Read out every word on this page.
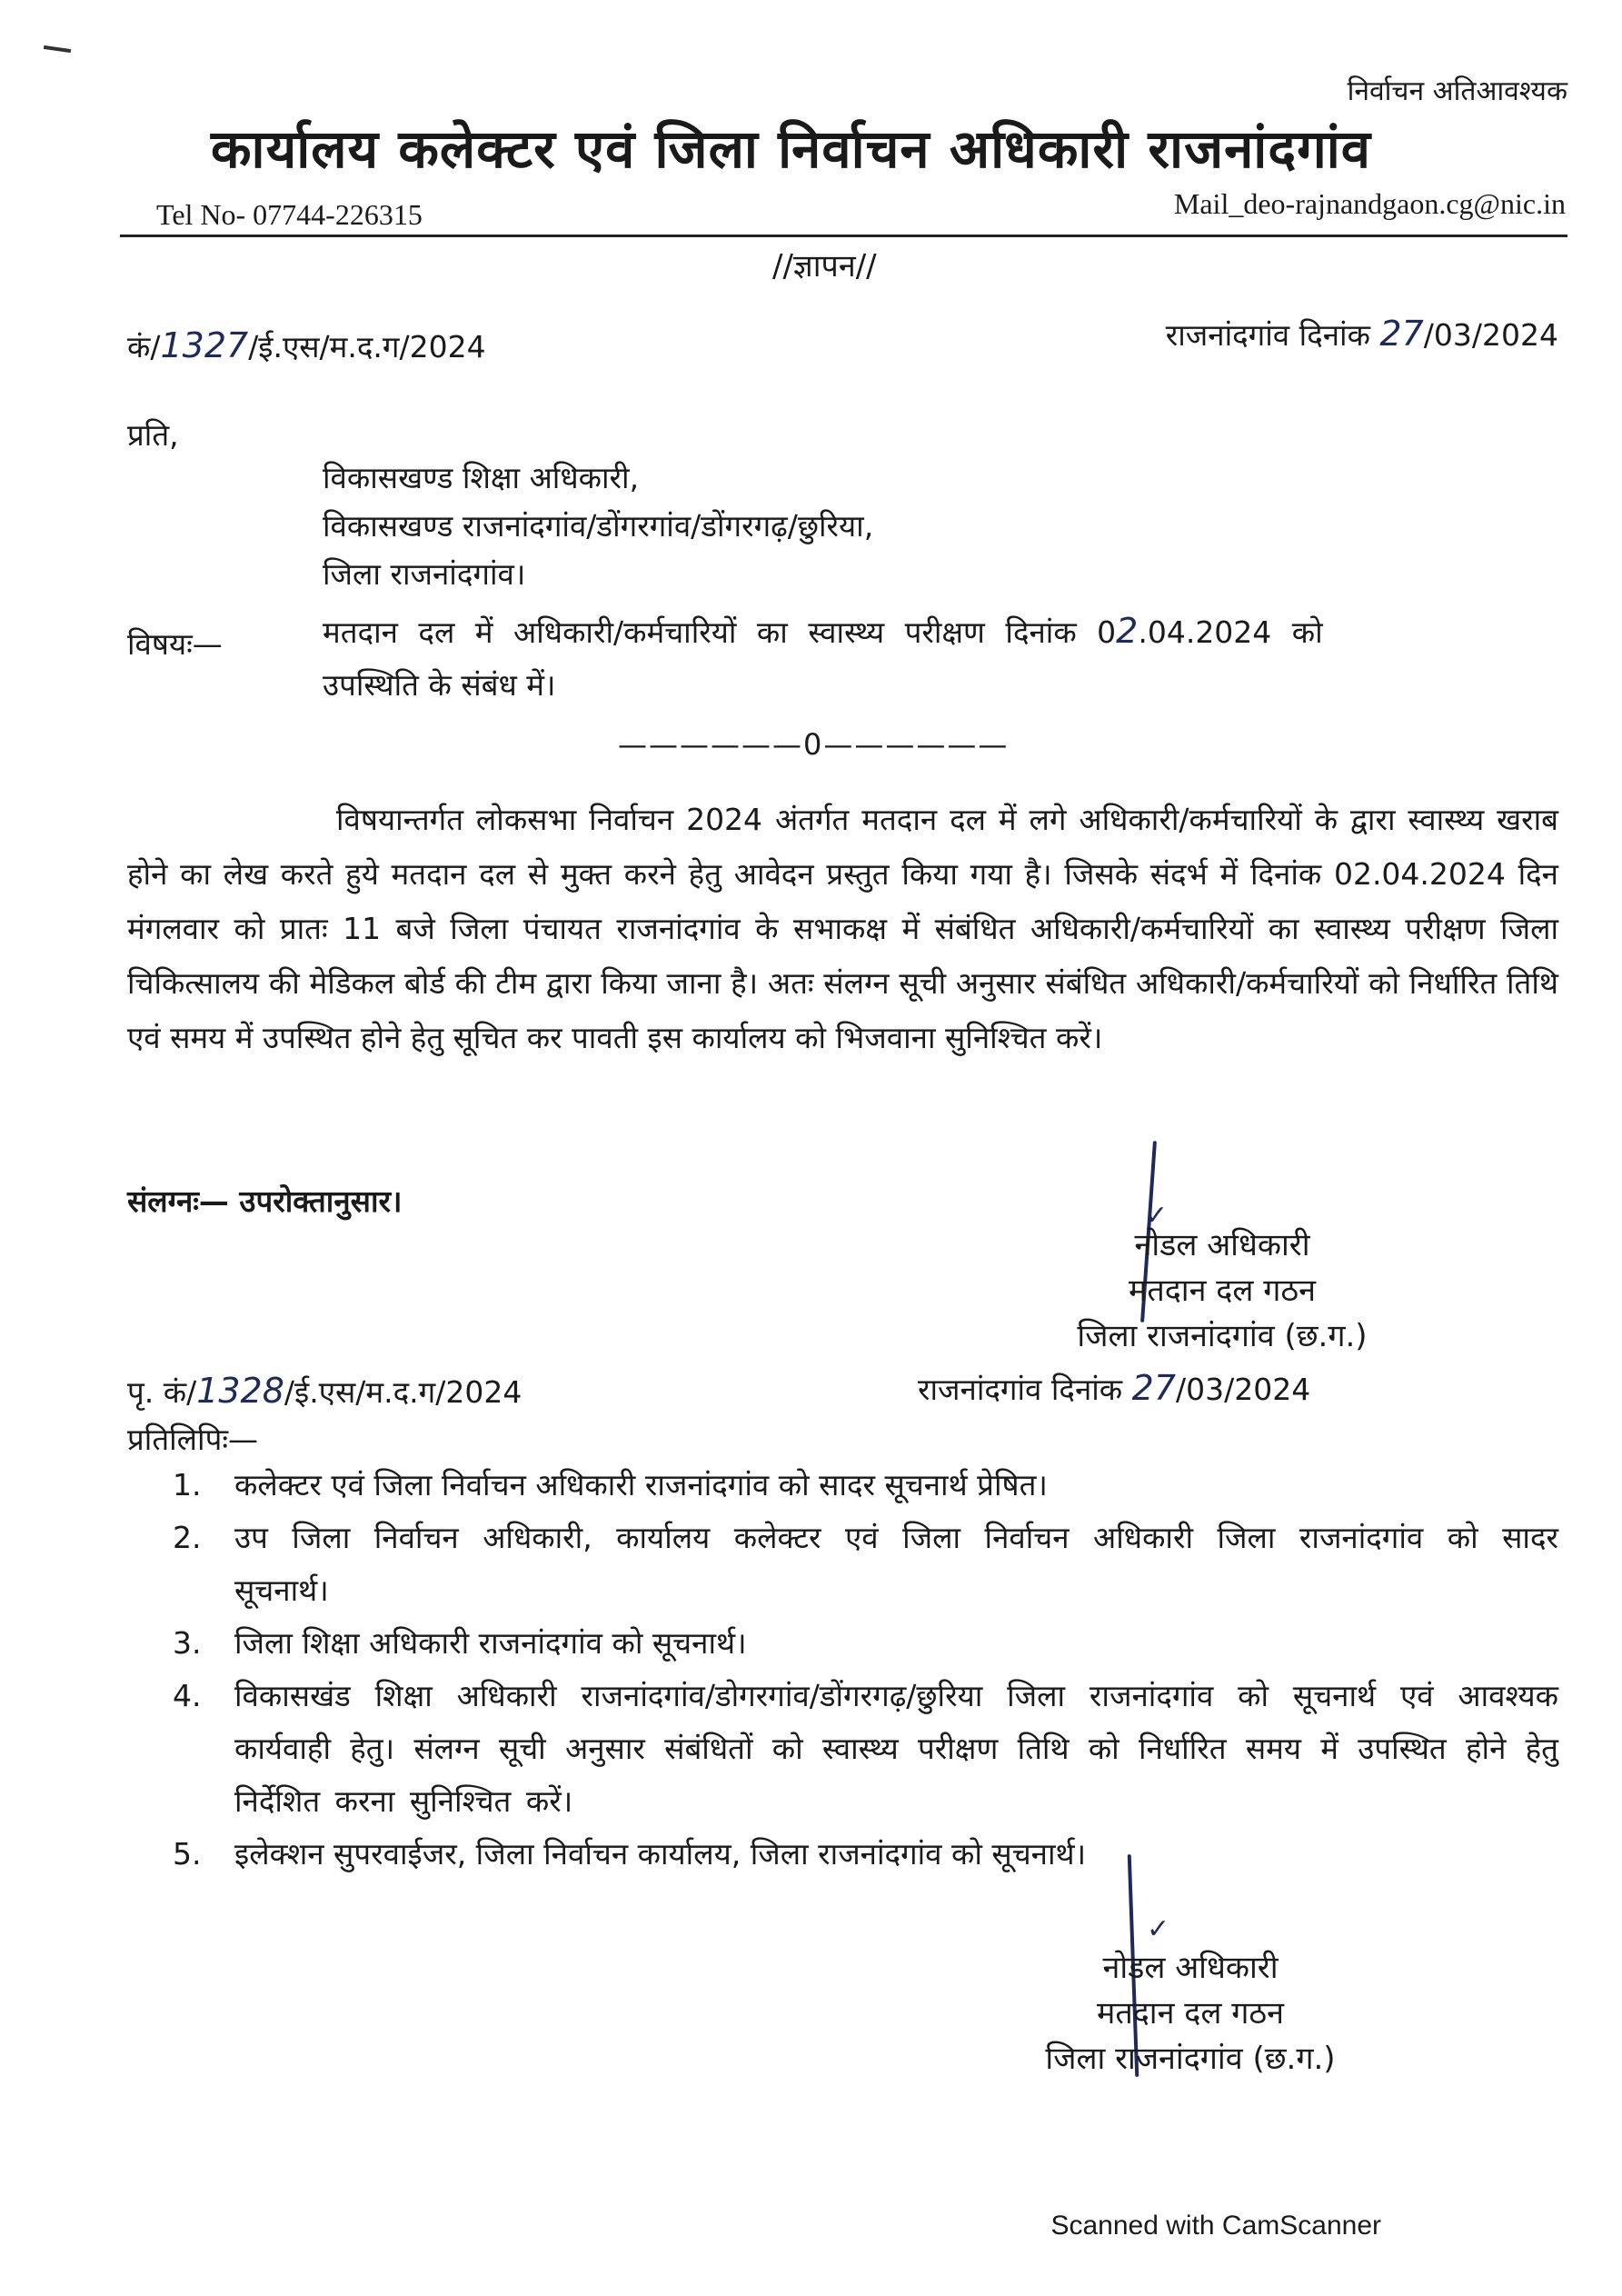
निर्वाचन अतिआवश्यक
कार्यालय कलेक्टर एवं जिला निर्वाचन अधिकारी राजनांदगांव
Tel No- 07744-226315	Mail_deo-rajnandgaon.cg@nic.in
//ज्ञापन//
कं/1327/ई.एस/म.द.ग/2024	राजनांदगांव दिनांक 27/03/2024
प्रति,
विकासखण्ड शिक्षा अधिकारी,
विकासखण्ड राजनांदगांव/डोंगरगांव/डोंगरगढ़/छुरिया,
जिला राजनांदगांव।
विषयः—	मतदान दल में अधिकारी/कर्मचारियों का स्वास्थ्य परीक्षण दिनांक 02.04.2024 को
उपस्थिति के संबंध में।
——————0——————

विषयान्तर्गत लोकसभा निर्वाचन 2024 अंतर्गत मतदान दल में लगे अधिकारी/कर्मचारियों के द्वारा स्वास्थ्य खराब होने का लेख करते हुये मतदान दल से मुक्त करने हेतु आवेदन प्रस्तुत किया गया है। जिसके संदर्भ में दिनांक 02.04.2024 दिन मंगलवार को प्रातः 11 बजे जिला पंचायत राजनांदगांव के सभाकक्ष में संबंधित अधिकारी/कर्मचारियों का स्वास्थ्य परीक्षण जिला चिकित्सालय की मेडिकल बोर्ड की टीम द्वारा किया जाना है। अतः संलग्न सूची अनुसार संबंधित अधिकारी/कर्मचारियों को निर्धारित तिथि एवं समय में उपस्थित होने हेतु सूचित कर पावती इस कार्यालय को भिजवाना सुनिश्चित करें।

संलग्नः— उपरोक्तानुसार।	✓
नोडल अधिकारी
मतदान दल गठन
जिला राजनांदगांव (छ.ग.)
पृ. कं/1328/ई.एस/म.द.ग/2024	राजनांदगांव दिनांक 27/03/2024
प्रतिलिपिः—
1. कलेक्टर एवं जिला निर्वाचन अधिकारी राजनांदगांव को सादर सूचनार्थ प्रेषित।
2. उप जिला निर्वाचन अधिकारी, कार्यालय कलेक्टर एवं जिला निर्वाचन अधिकारी जिला राजनांदगांव को सादर सूचनार्थ।
3. जिला शिक्षा अधिकारी राजनांदगांव को सूचनार्थ।
4. विकासखंड शिक्षा अधिकारी राजनांदगांव/डोगरगांव/डोंगरगढ़/छुरिया जिला राजनांदगांव को सूचनार्थ एवं आवश्यक कार्यवाही हेतु। संलग्न सूची अनुसार संबंधितों को स्वास्थ्य परीक्षण तिथि को निर्धारित समय में उपस्थित होने हेतु निर्देशित करना सुनिश्चित करें।
5. इलेक्शन सुपरवाईजर, जिला निर्वाचन कार्यालय, जिला राजनांदगांव को सूचनार्थ।
✓
नोडल अधिकारी
मतदान दल गठन
जिला राजनांदगांव (छ.ग.)
Scanned with CamScanner
